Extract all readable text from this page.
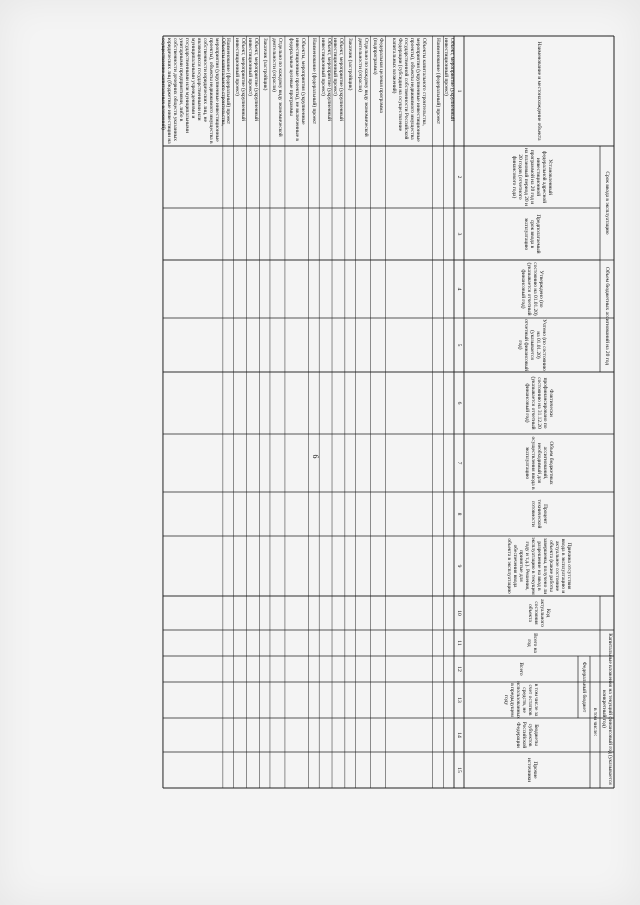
9
Наименование и местонахождение объекта
Срок ввода в эксплуатацию
Установленный федеральной адресной инвестиционной программой на 20 год и на плановый период 20 и 20 годов (отчетного финансового года)
Предполагаемый срок ввода в эксплуатацию
Объем бюджетных ассигнований на 20 год
Утверждено (по состоянию на 01.01.20) (указывается отчетный финансовый год)
Учтено (по состоянию на 01.01.20) (указывается отчетный финансовый год)
Фактически профинансировано по состоянию на 31.12.20 (указывается отчетный финансовый год)
Объем бюджетных ассигнований, необходимый для осуществления ввода в эксплуатацию
Процент технической готовности
Причина отсутствия ввода в эксплуатацию и актуальное состояние объекта (какие работы завершены, получено ли разрешение на ввод в эксплуатацию в текущем году и т.д.). Решения, принятые для обеспечения ввода объекта в эксплуатацию
Код актуального состояния объекта
Капитальные вложения на текущий финансовый год (указывается конкретный год)
Всего на год
в том числе:
Федеральный бюджет
Всего
в том числе за счет остатков средств, не использованных в предыдущем году
Бюджеты субъектов Российской Федерации
Прочие источники
1
2
3
4
5
6
7
8
9
10
11
12
13
14
15
Объект, мероприятие (укрупненный инвестиционный проект)
Наименование (федеральный) проект
Объекты капитального строительства, мероприятия (укрупненные инвестиционные проекты), объекты недвижимого имущества государственной собственности Российской Федерации (субсидии на осуществление капитальных вложений)
Федеральная целевая программа (подпрограмма)
Отдельно по каждому виду экономической деятельности (отрасли)
Заказчик (застройщик)
Объект, мероприятие (укрупненный инвестиционный проект)
Объект, мероприятие (укрупненный инвестиционный проект)
Наименование (федеральный) проект
Объекты, мероприятия (укрупненные инвестиционные проекты), не включенные в федеральные целевые программы
Отдельно по каждому виду экономической деятельности (отрасли)
Заказчик (застройщик)
Объект, мероприятие (укрупненный инвестиционный проект)
Объект, мероприятие (укрупненный инвестиционный проект)
Наименование (федеральный) проект
Объекты капитального строительства, мероприятия (укрупненные инвестиционные проекты), объекты недвижимого имущества в собственности юридических лиц, не являющихся государственными или муниципальными учреждениями и государственными или муниципальными унитарными предприятиями, либо в собственности дочерних обществ указанных юридических лиц (бюджетные инвестиции на осуществление капитальных вложений)
